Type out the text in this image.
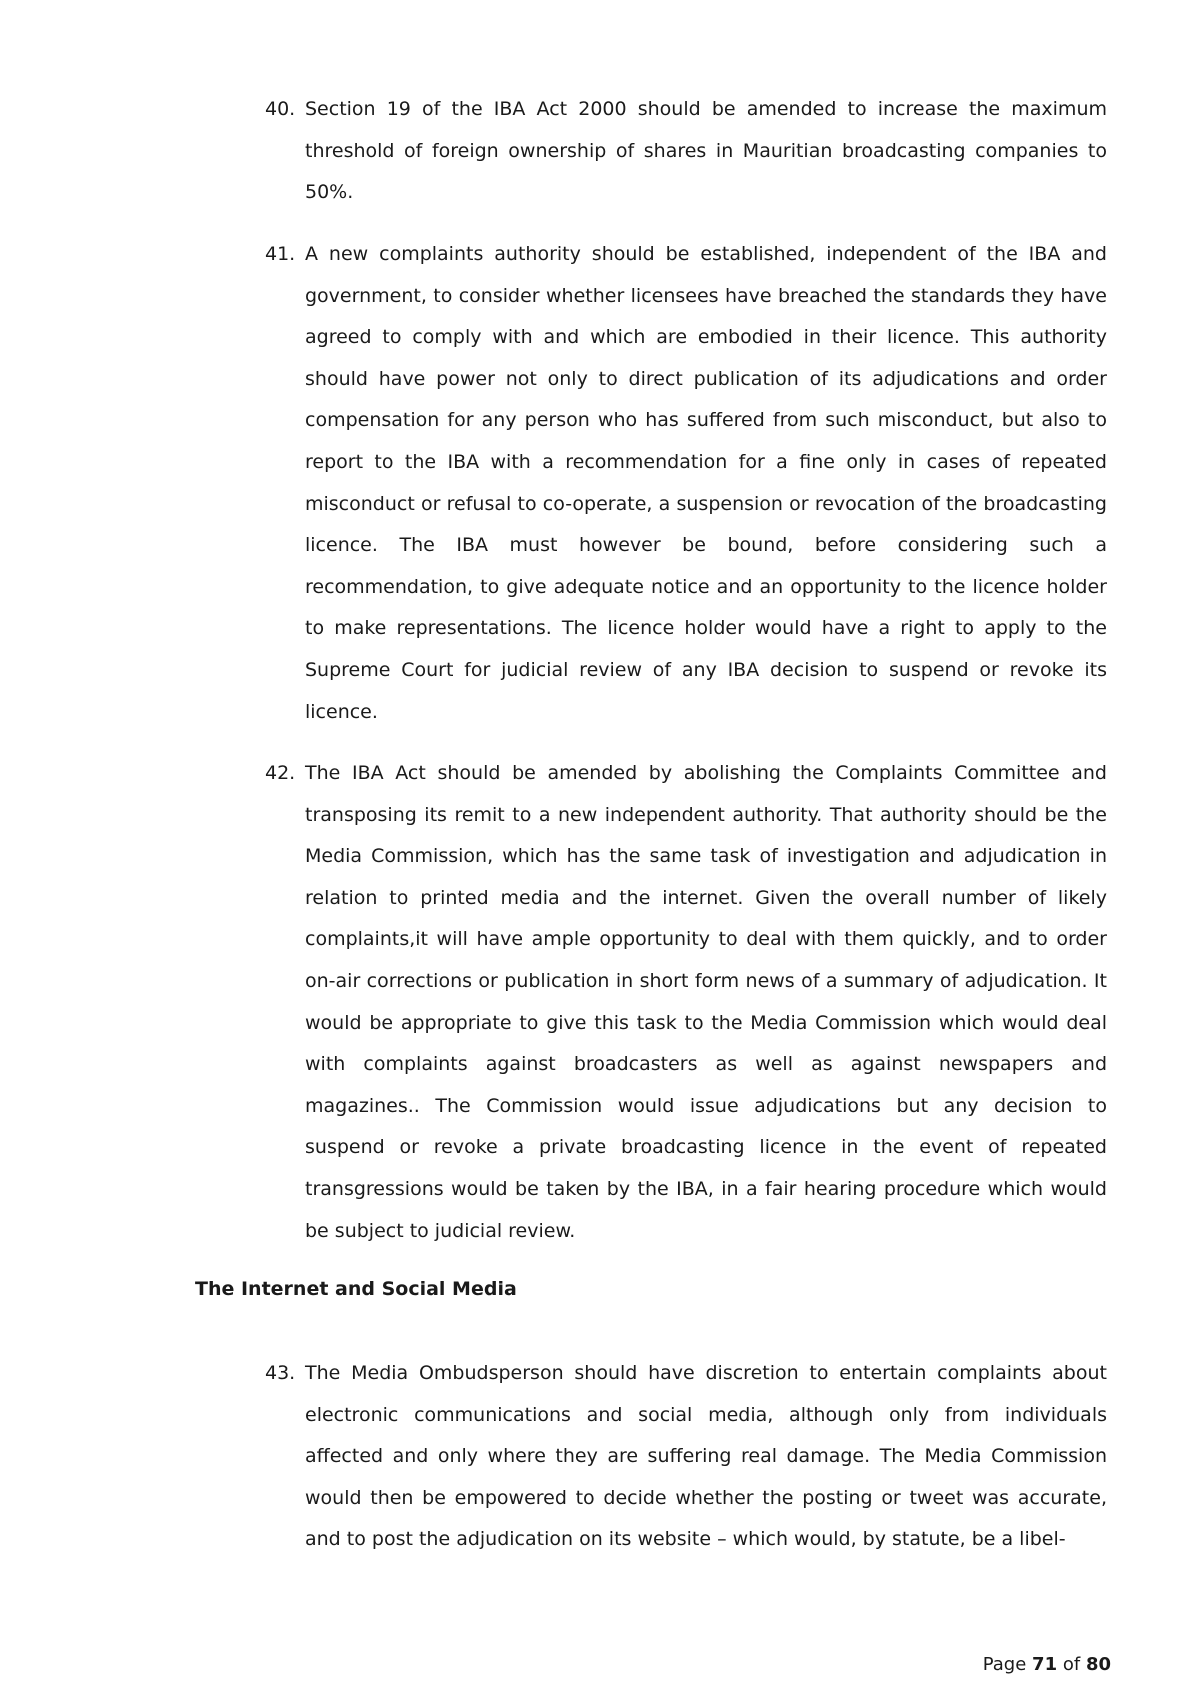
40. Section 19 of the IBA Act 2000 should be amended to increase the maximum threshold of foreign ownership of shares in Mauritian broadcasting companies to 50%.
41. A new complaints authority should be established, independent of the IBA and government, to consider whether licensees have breached the standards they have agreed to comply with and which are embodied in their licence. This authority should have power not only to direct publication of its adjudications and order compensation for any person who has suffered from such misconduct, but also to report to the IBA with a recommendation for a fine only in cases of repeated misconduct or refusal to co-operate, a suspension or revocation of the broadcasting licence. The IBA must however be bound, before considering such a recommendation, to give adequate notice and an opportunity to the licence holder to make representations. The licence holder would have a right to apply to the Supreme Court for judicial review of any IBA decision to suspend or revoke its licence.
42. The IBA Act should be amended by abolishing the Complaints Committee and transposing its remit to a new independent authority. That authority should be the Media Commission, which has the same task of investigation and adjudication in relation to printed media and the internet. Given the overall number of likely complaints,it will have ample opportunity to deal with them quickly, and to order on-air corrections or publication in short form news of a summary of adjudication. It would be appropriate to give this task to the Media Commission which would deal with complaints against broadcasters as well as against newspapers and magazines.. The Commission would issue adjudications but any decision to suspend or revoke a private broadcasting licence in the event of repeated transgressions would be taken by the IBA, in a fair hearing procedure which would be subject to judicial review.
The Internet and Social Media
43. The Media Ombudsperson should have discretion to entertain complaints about electronic communications and social media, although only from individuals affected and only where they are suffering real damage. The Media Commission would then be empowered to decide whether the posting or tweet was accurate, and to post the adjudication on its website – which would, by statute, be a libel-
Page 71 of 80
